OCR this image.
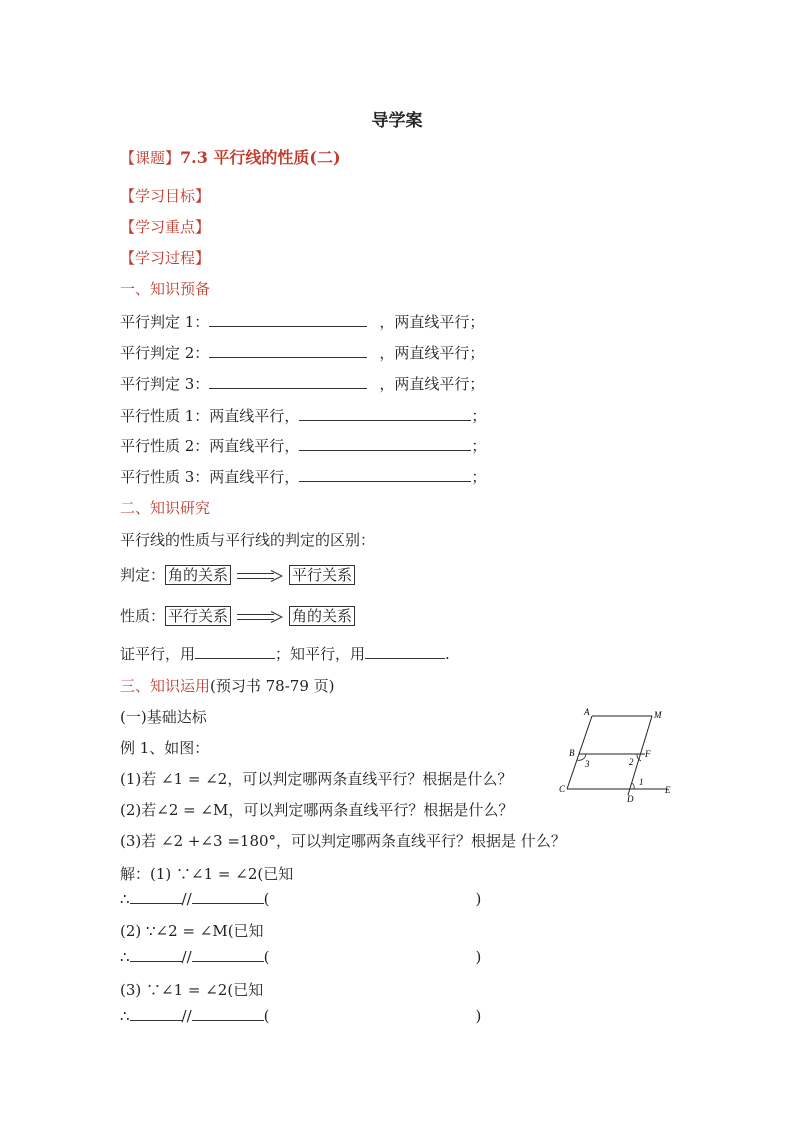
导学案
【课题】7.3 平行线的性质(二)
【学习目标】
【学习重点】
【学习过程】
一、知识预备
平行判定 1：	，两直线平行；
平行判定 2：	，两直线平行；
平行判定 3：	，两直线平行；
平行性质 1：两直线平行，	；
平行性质 2：两直线平行，	；
平行性质 3：两直线平行，	；
二、知识研究
平行线的性质与平行线的判定的区别：
判定： 角的关系	平行关系
性质： 平行关系	角的关系
证平行，用	；知平行，用	.
三、知识运用(预习书 78-79 页)
(一)基础达标
例 1、如图：
(1)若 ∠1 = ∠2，可以判定哪两条直线平行？根据是什么？
(2)若∠2 = ∠M，可以判定哪两条直线平行？根据是什么？
(3)若 ∠2 +∠3 =180°，可以判定哪两条直线平行？根据是 什么？
解：(1) ∵∠1 = ∠2(已知
∴	//	(	)
(2) ∵∠2 = ∠M(已知
∴	//	(	)
(3) ∵∠1 = ∠2(已知
∴	//	(	)
A	M
B	F
C
D
E
1
2
3
